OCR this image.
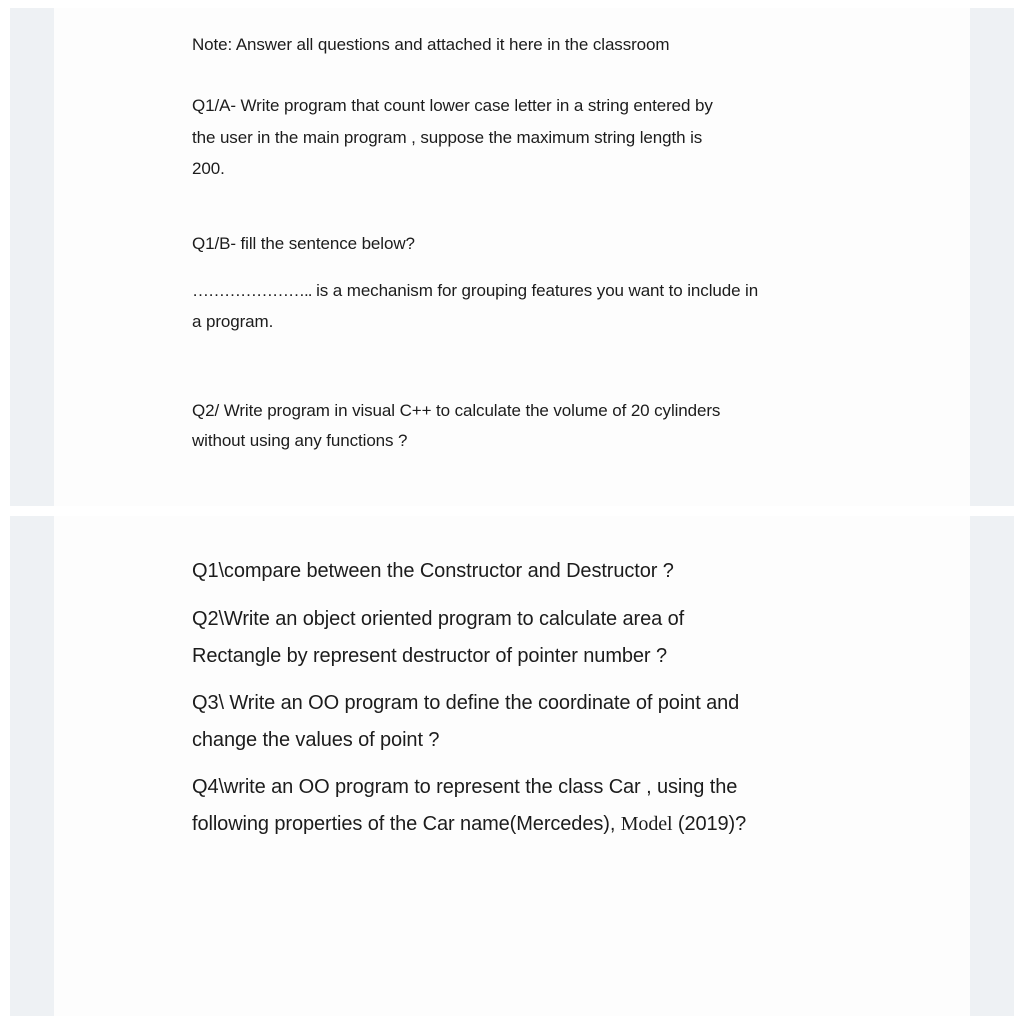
Note: Answer all questions and attached it here in the classroom

Q1/A- Write program that count lower case letter in a string entered by

the user in the main program , suppose the maximum string length is

200.

Q1/B- fill the sentence below?

………………….. is a mechanism for grouping features you want to include in

a program.

Q2/ Write program in visual C++ to calculate the volume of 20 cylinders

without using any functions ?

Q1\compare between the Constructor and Destructor ?

Q2\Write an object oriented program to calculate area of

Rectangle by represent destructor of pointer number ?

Q3\ Write an OO program to define the coordinate of point and

change the values of point ?

Q4\write an OO program to represent the class Car , using the

following properties of the Car name(Mercedes), Model (2019)?
